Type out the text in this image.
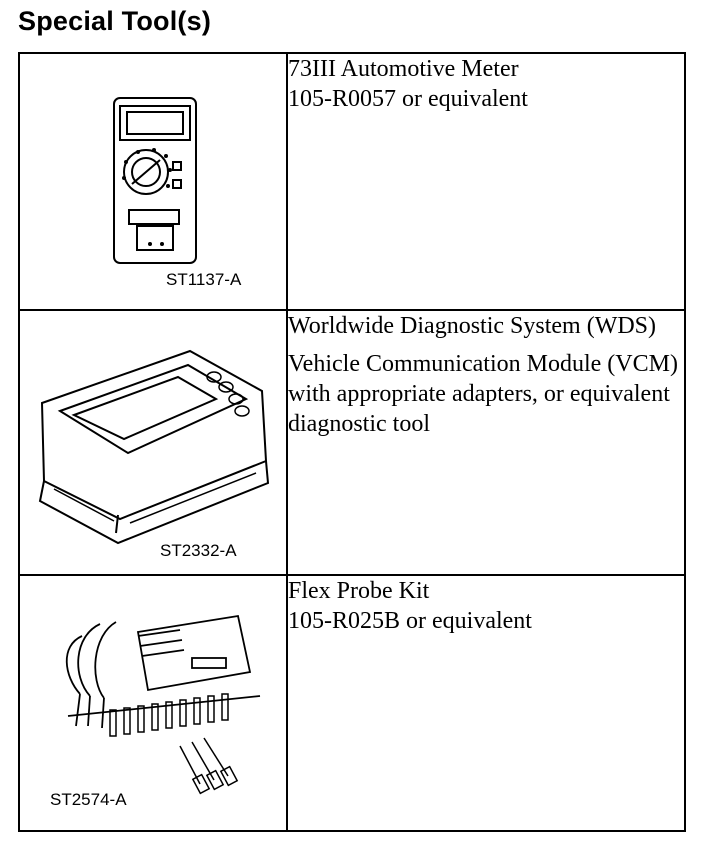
Special Tool(s)
ST1137-A	73III Automotive Meter

105-R0057 or equivalent

ST2332-A	Worldwide Diagnostic System (WDS)

Vehicle Communication Module (VCM) with appropriate adapters, or equivalent diagnostic tool

ST2574-A	Flex Probe Kit

105-R025B or equivalent
